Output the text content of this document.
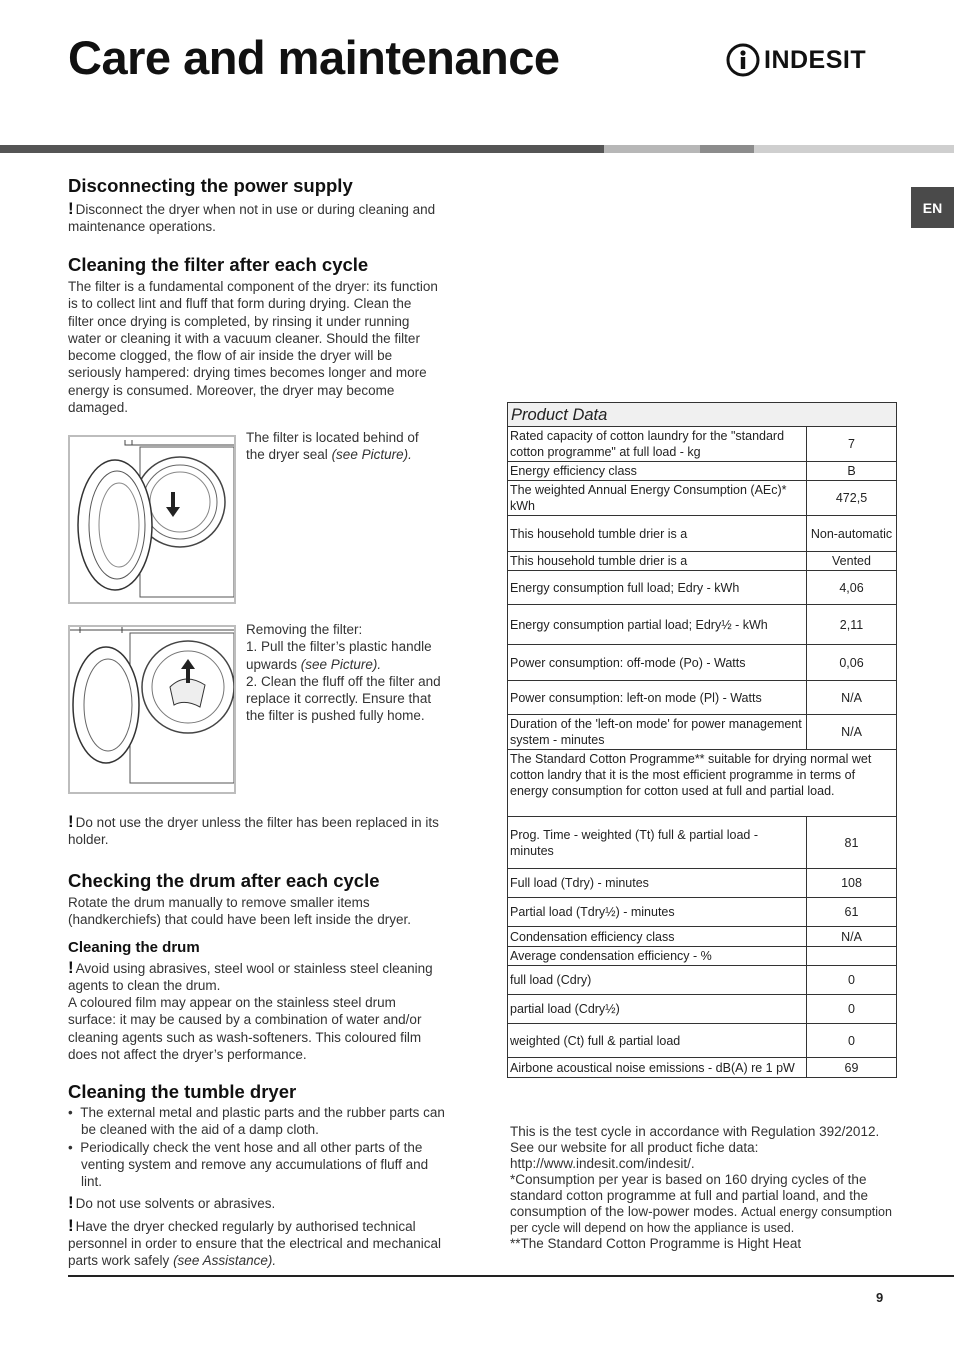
Care and maintenance	INDESIT
EN
Disconnecting the power supply

! Disconnect the dryer when not in use or during cleaning and maintenance operations.

Cleaning the filter after each cycle

The filter is a fundamental component of the dryer: its function is to collect lint and fluff that form during drying. Clean the filter once drying is completed, by rinsing it under running water or cleaning it with a vacuum cleaner. Should the filter become clogged, the flow of air inside the dryer will be seriously hampered: drying times becomes longer and more energy is consumed. Moreover, the dryer may become damaged.

The filter is located behind of the dryer seal (see Picture).

Removing the filter:

1. Pull the filter’s plastic handle upwards (see Picture).

2. Clean the fluff off the filter and replace it correctly. Ensure that the filter is pushed fully home.

! Do not use the dryer unless the filter has been replaced in its holder.

Checking the drum after each cycle

Rotate the drum manually to remove smaller items (handkerchiefs) that could have been left inside the dryer.

Cleaning the drum

! Avoid using abrasives, steel wool or stainless steel cleaning agents to clean the drum.

A coloured film may appear on the stainless steel drum surface: it may be caused by a combination of water and/or cleaning agents such as wash-softeners. This coloured film does not affect the dryer’s performance.

Cleaning the tumble dryer

•  The external metal and plastic parts and the rubber parts can be cleaned with the aid of a damp cloth.

•  Periodically check the vent hose and all other parts of the venting system and remove any accumulations of fluff and lint.

! Do not use solvents or abrasives.

! Have the dryer checked regularly by authorised technical personnel in order to ensure that the electrical and mechanical parts work safely (see Assistance).

Product Data	
Rated capacity of cotton laundry for the "standard cotton programme" at full load - kg	7
Energy efficiency class	B
The weighted Annual Energy Consumption (AEc)* kWh	472,5
This household tumble drier is a	Non-automatic
This household tumble drier is a	Vented
Energy consumption full load; Edry - kWh	4,06
Energy consumption partial load; Edry½ - kWh	2,11
Power consumption: off-mode (Po) - Watts	0,06
Power consumption: left-on mode (Pl) - Watts	N/A
Duration of the 'left-on mode' for power management system - minutes	N/A
The Standard Cotton Programme** suitable for drying normal wet cotton landry that it is the most efficient programme in terms of energy consumption for cotton used at full and partial load.	
Prog. Time - weighted (Tt) full & partial load - minutes	81
Full load (Tdry) - minutes	108
Partial load (Tdry½) - minutes	61
Condensation efficiency class	N/A
Average condensation efficiency - %	
full load (Cdry)	0
partial load (Cdry½)	0
weighted (Ct) full & partial load	0
Airbone acoustical noise emissions - dB(A) re 1 pW	69

This is the test cycle in accordance with Regulation 392/2012.

See our website for all product fiche data:

http://www.indesit.com/indesit/.

*Consumption per year is based on 160 drying cycles of the standard cotton programme at full and partial loand, and the consumption of the low-power modes. Actual energy consumption per cycle will depend on how the appliance is used.

**The Standard Cotton Programme is Hight Heat

9
